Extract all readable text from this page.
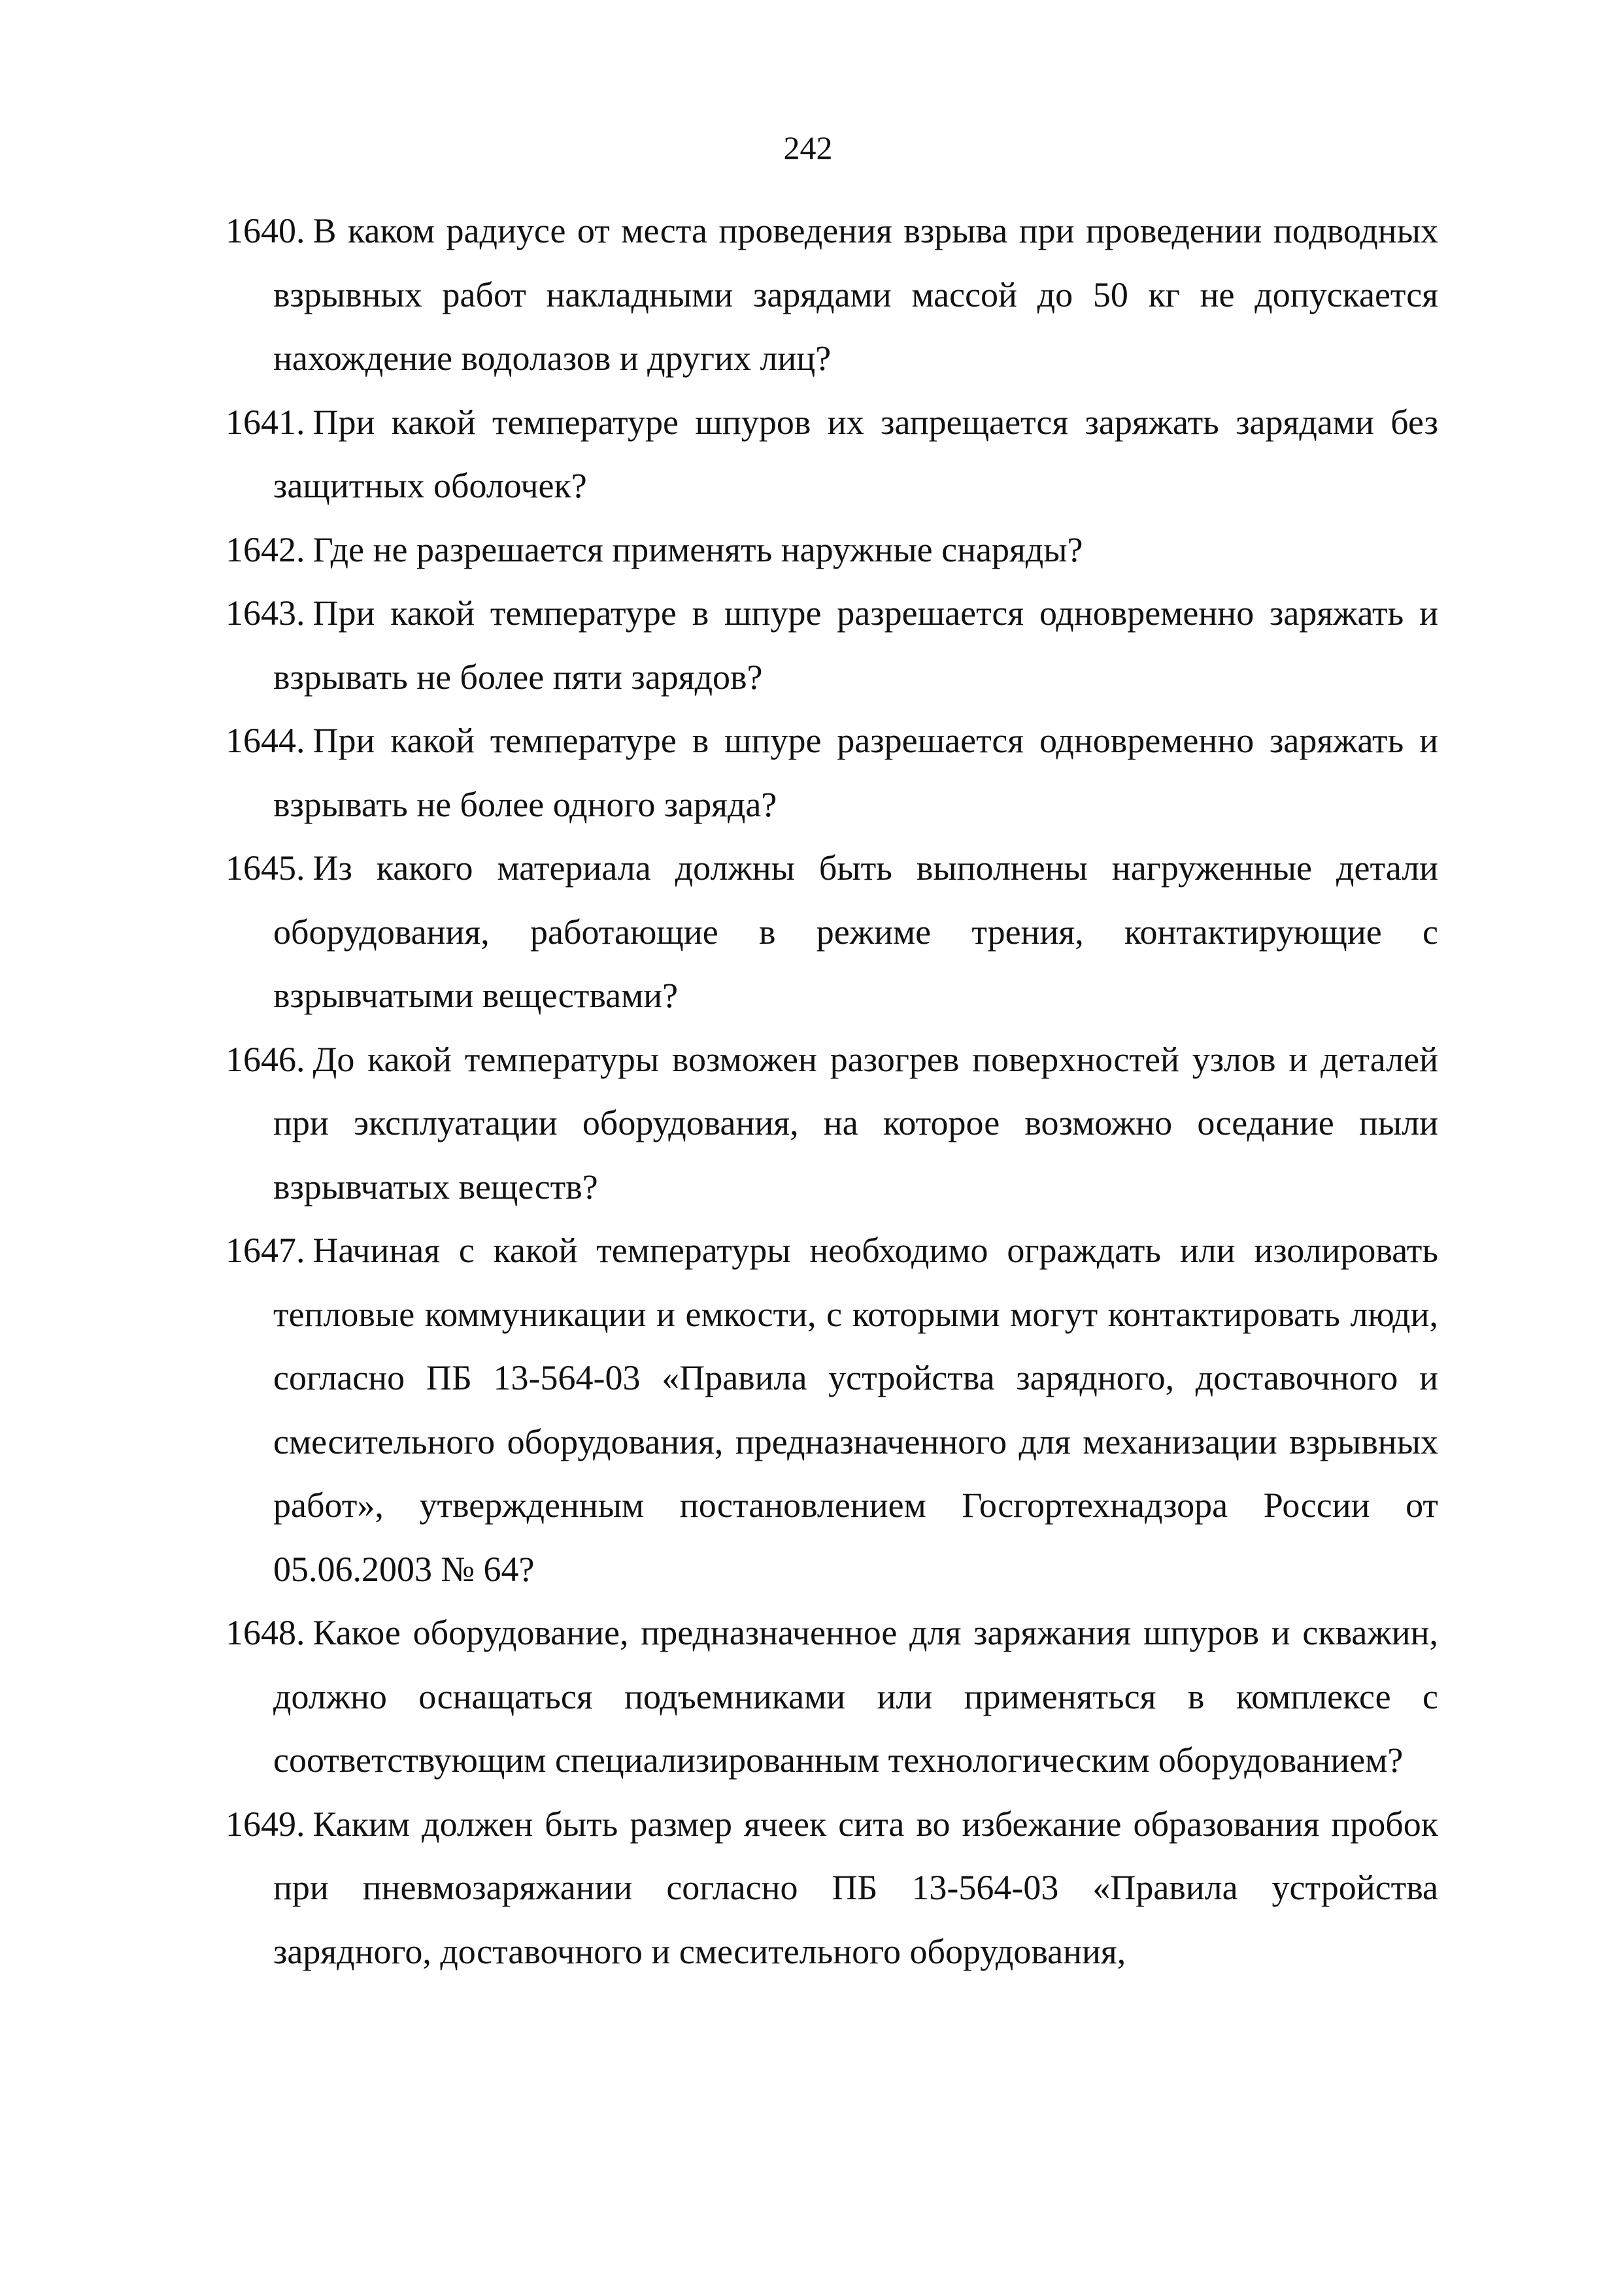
242
1640. В каком радиусе от места проведения взрыва при проведении подводных взрывных работ накладными зарядами массой до 50 кг не допускается нахождение водолазов и других лиц?
1641. При какой температуре шпуров их запрещается заряжать зарядами без защитных оболочек?
1642. Где не разрешается применять наружные снаряды?
1643. При какой температуре в шпуре разрешается одновременно заряжать и взрывать не более пяти зарядов?
1644. При какой температуре в шпуре разрешается одновременно заряжать и взрывать не более одного заряда?
1645. Из какого материала должны быть выполнены нагруженные детали оборудования, работающие в режиме трения, контактирующие с взрывчатыми веществами?
1646. До какой температуры возможен разогрев поверхностей узлов и деталей при эксплуатации оборудования, на которое возможно оседание пыли взрывчатых веществ?
1647. Начиная с какой температуры необходимо ограждать или изолировать тепловые коммуникации и емкости, с которыми могут контактировать люди, согласно ПБ 13-564-03 «Правила устройства зарядного, доставочного и смесительного оборудования, предназначенного для механизации взрывных работ», утвержденным постановлением Госгортехнадзора России от 05.06.2003 № 64?
1648. Какое оборудование, предназначенное для заряжания шпуров и скважин, должно оснащаться подъемниками или применяться в комплексе с соответствующим специализированным технологическим оборудованием?
1649. Каким должен быть размер ячеек сита во избежание образования пробок при пневмозаряжании согласно ПБ 13-564-03 «Правила устройства зарядного, доставочного и смесительного оборудования,
